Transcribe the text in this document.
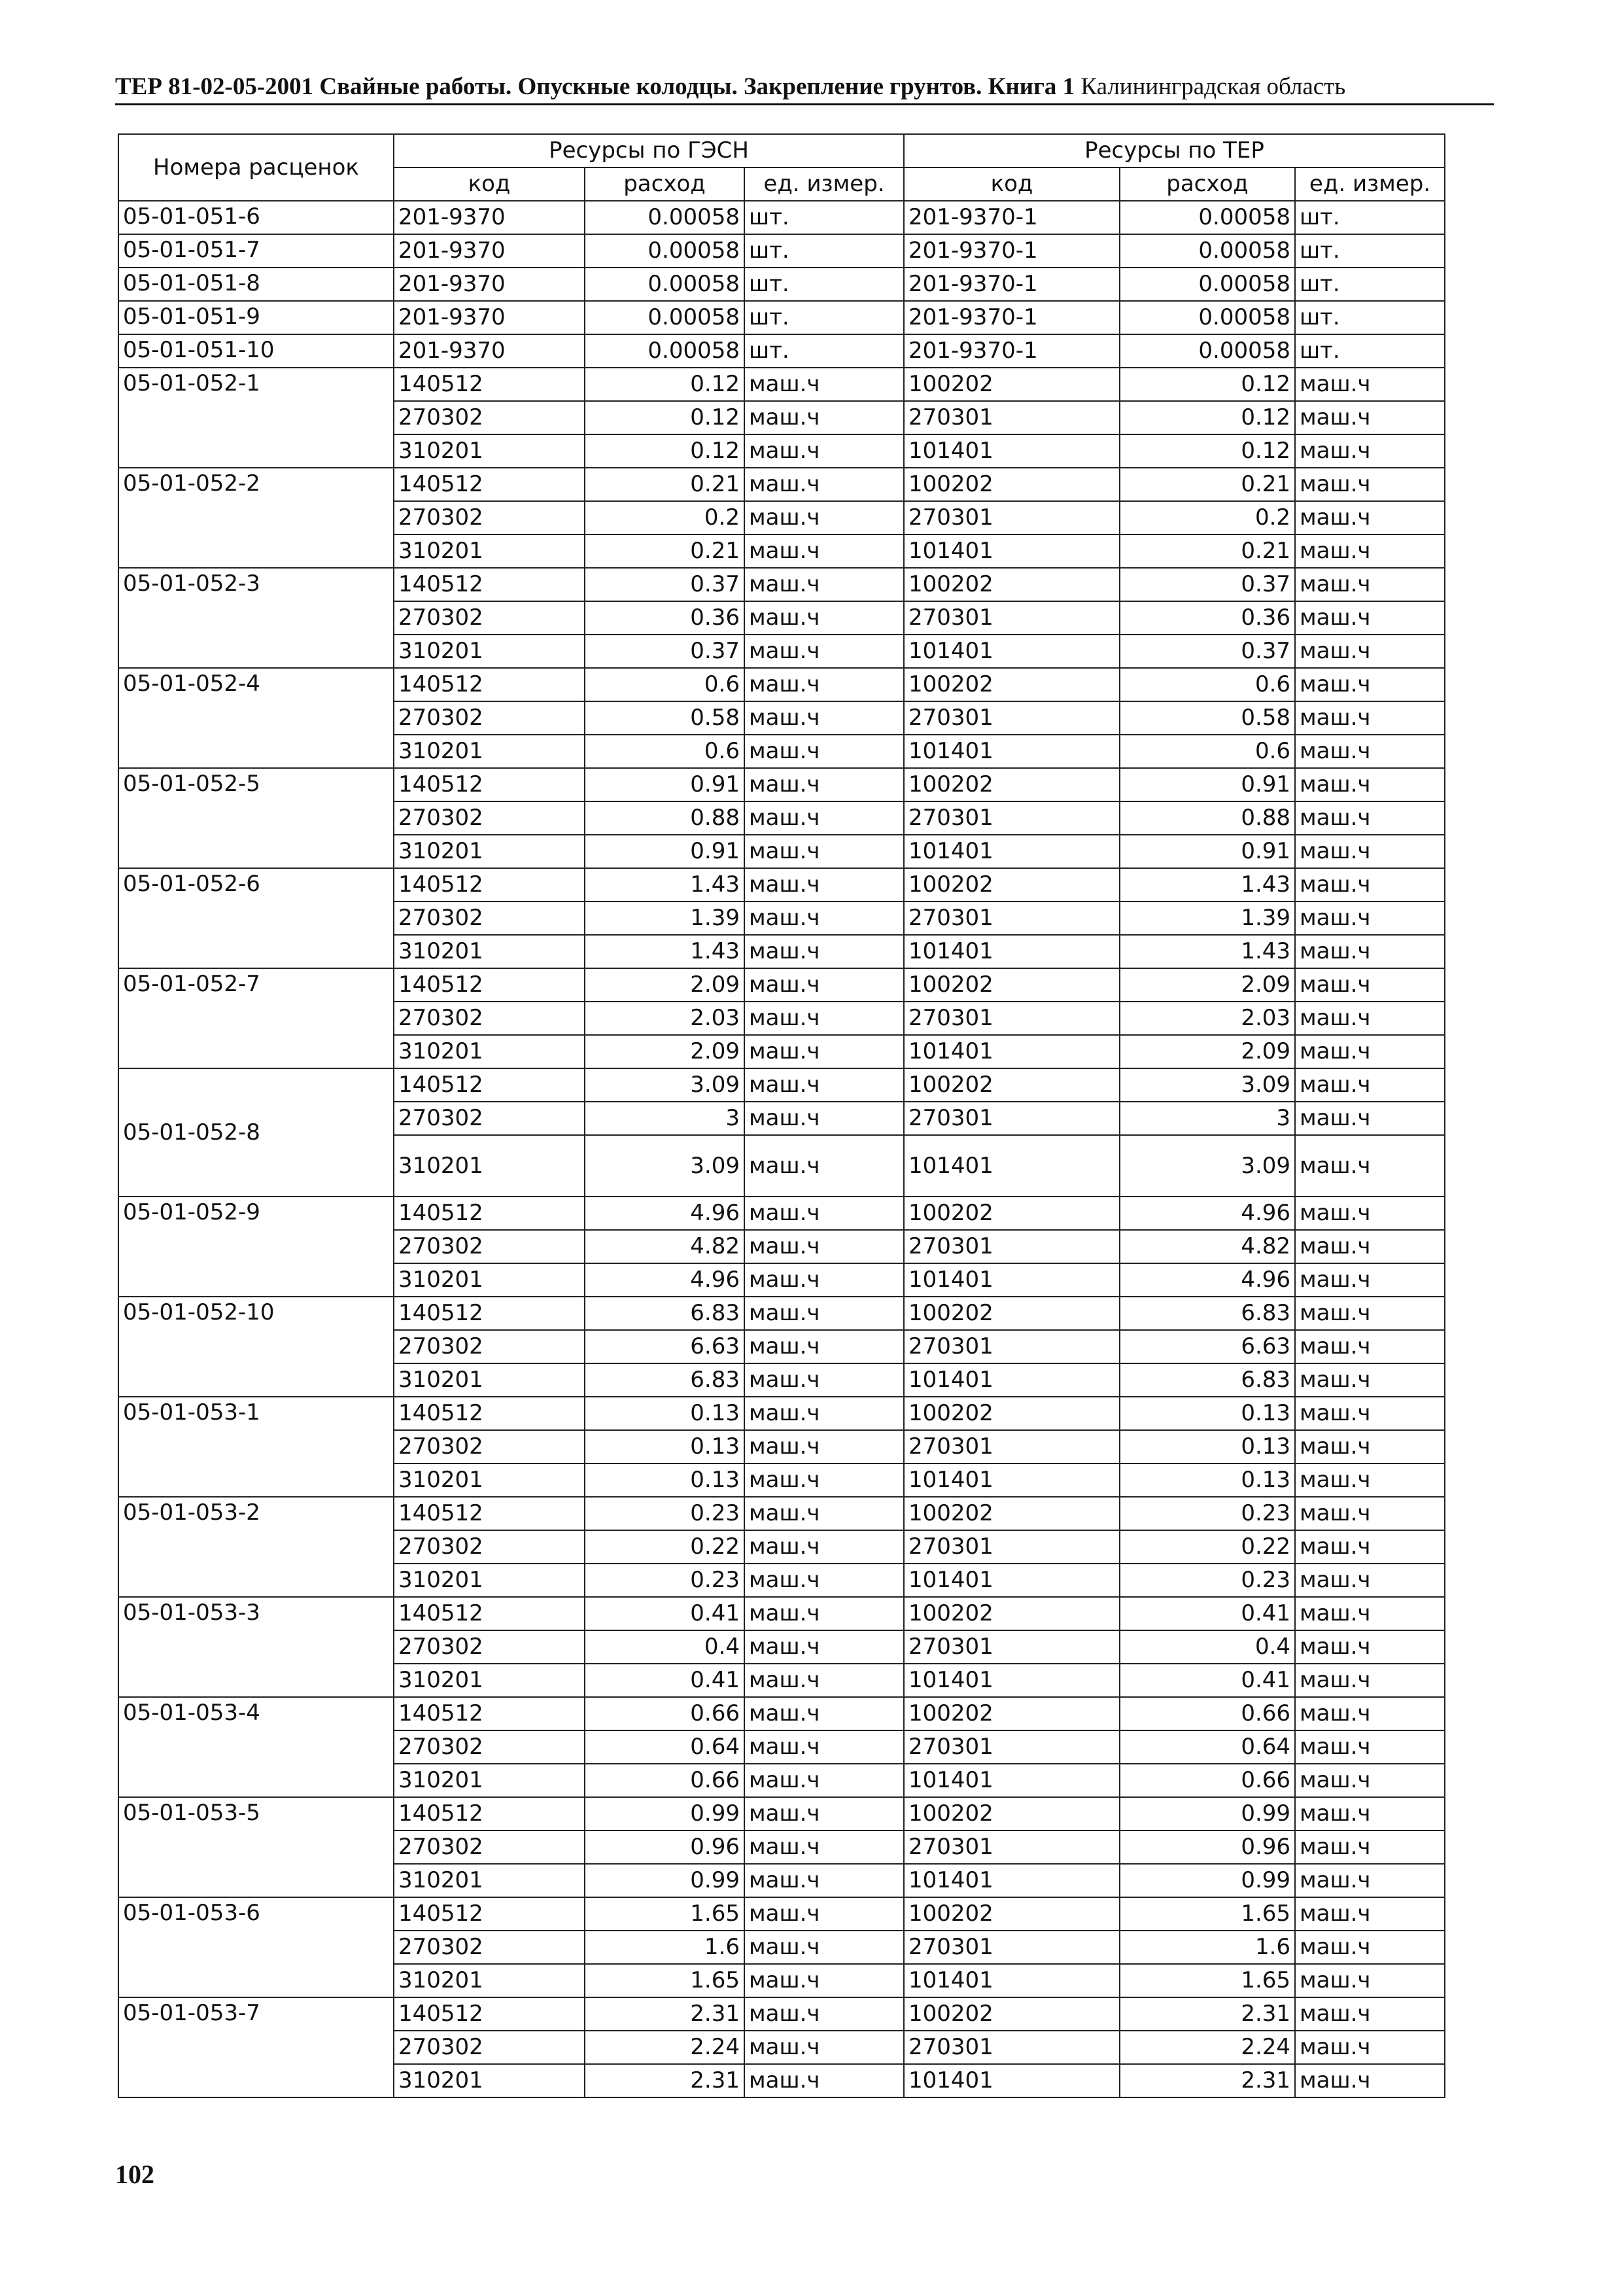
ТЕР 81-02-05-2001 Свайные работы. Опускные колодцы. Закрепление грунтов. Книга 1 Калининградская область
Номера расценок	Ресурсы по ГЭСН			Ресурсы по ТЕР		
	код	расход	ед. измер.	код	расход	ед. измер.
05-01-051-6	201-9370	0.00058	шт.	201-9370-1	0.00058	шт.
05-01-051-7	201-9370	0.00058	шт.	201-9370-1	0.00058	шт.
05-01-051-8	201-9370	0.00058	шт.	201-9370-1	0.00058	шт.
05-01-051-9	201-9370	0.00058	шт.	201-9370-1	0.00058	шт.
05-01-051-10	201-9370	0.00058	шт.	201-9370-1	0.00058	шт.
05-01-052-1	140512	0.12	маш.ч	100202	0.12	маш.ч
	270302	0.12	маш.ч	270301	0.12	маш.ч
	310201	0.12	маш.ч	101401	0.12	маш.ч
05-01-052-2	140512	0.21	маш.ч	100202	0.21	маш.ч
	270302	0.2	маш.ч	270301	0.2	маш.ч
	310201	0.21	маш.ч	101401	0.21	маш.ч
05-01-052-3	140512	0.37	маш.ч	100202	0.37	маш.ч
	270302	0.36	маш.ч	270301	0.36	маш.ч
	310201	0.37	маш.ч	101401	0.37	маш.ч
05-01-052-4	140512	0.6	маш.ч	100202	0.6	маш.ч
	270302	0.58	маш.ч	270301	0.58	маш.ч
	310201	0.6	маш.ч	101401	0.6	маш.ч
05-01-052-5	140512	0.91	маш.ч	100202	0.91	маш.ч
	270302	0.88	маш.ч	270301	0.88	маш.ч
	310201	0.91	маш.ч	101401	0.91	маш.ч
05-01-052-6	140512	1.43	маш.ч	100202	1.43	маш.ч
	270302	1.39	маш.ч	270301	1.39	маш.ч
	310201	1.43	маш.ч	101401	1.43	маш.ч
05-01-052-7	140512	2.09	маш.ч	100202	2.09	маш.ч
	270302	2.03	маш.ч	270301	2.03	маш.ч
	310201	2.09	маш.ч	101401	2.09	маш.ч
05-01-052-8	140512	3.09	маш.ч	100202	3.09	маш.ч
	270302	3	маш.ч	270301	3	маш.ч
	310201	3.09	маш.ч	101401	3.09	маш.ч
05-01-052-9	140512	4.96	маш.ч	100202	4.96	маш.ч
	270302	4.82	маш.ч	270301	4.82	маш.ч
	310201	4.96	маш.ч	101401	4.96	маш.ч
05-01-052-10	140512	6.83	маш.ч	100202	6.83	маш.ч
	270302	6.63	маш.ч	270301	6.63	маш.ч
	310201	6.83	маш.ч	101401	6.83	маш.ч
05-01-053-1	140512	0.13	маш.ч	100202	0.13	маш.ч
	270302	0.13	маш.ч	270301	0.13	маш.ч
	310201	0.13	маш.ч	101401	0.13	маш.ч
05-01-053-2	140512	0.23	маш.ч	100202	0.23	маш.ч
	270302	0.22	маш.ч	270301	0.22	маш.ч
	310201	0.23	маш.ч	101401	0.23	маш.ч
05-01-053-3	140512	0.41	маш.ч	100202	0.41	маш.ч
	270302	0.4	маш.ч	270301	0.4	маш.ч
	310201	0.41	маш.ч	101401	0.41	маш.ч
05-01-053-4	140512	0.66	маш.ч	100202	0.66	маш.ч
	270302	0.64	маш.ч	270301	0.64	маш.ч
	310201	0.66	маш.ч	101401	0.66	маш.ч
05-01-053-5	140512	0.99	маш.ч	100202	0.99	маш.ч
	270302	0.96	маш.ч	270301	0.96	маш.ч
	310201	0.99	маш.ч	101401	0.99	маш.ч
05-01-053-6	140512	1.65	маш.ч	100202	1.65	маш.ч
	270302	1.6	маш.ч	270301	1.6	маш.ч
	310201	1.65	маш.ч	101401	1.65	маш.ч
05-01-053-7	140512	2.31	маш.ч	100202	2.31	маш.ч
	270302	2.24	маш.ч	270301	2.24	маш.ч
	310201	2.31	маш.ч	101401	2.31	маш.ч
102
